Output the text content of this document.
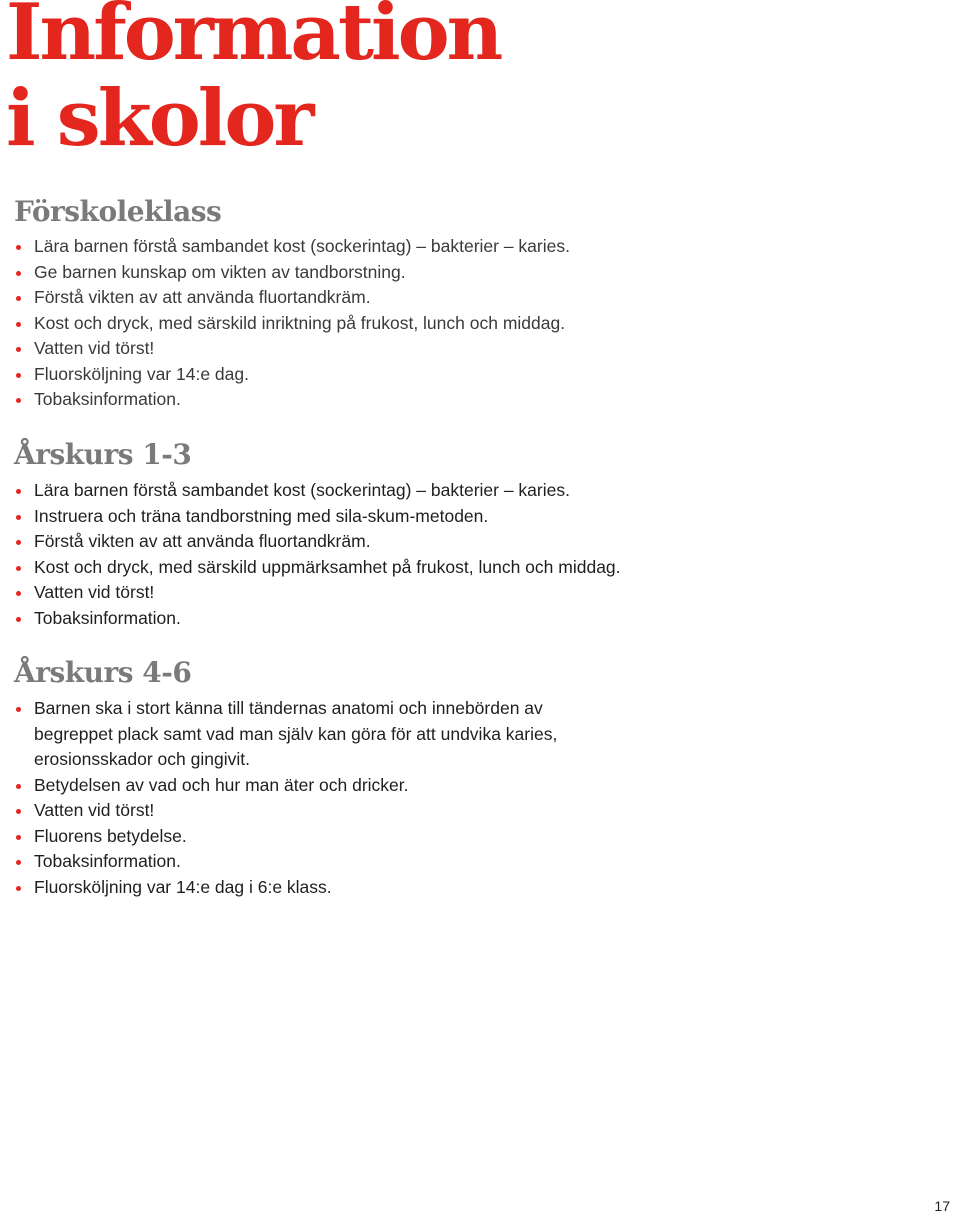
Information
i skolor
Förskoleklass
Lära barnen förstå sambandet kost (sockerintag) – bakterier – karies.
Ge barnen kunskap om vikten av tandborstning.
Förstå vikten av att använda fluortandkräm.
Kost och dryck, med särskild inriktning på frukost, lunch och middag.
Vatten vid törst!
Fluorsköljning var 14:e dag.
Tobaksinformation.
Årskurs 1-3
Lära barnen förstå sambandet kost (sockerintag) – bakterier – karies.
Instruera och träna tandborstning med sila-skum-metoden.
Förstå vikten av att använda fluortandkräm.
Kost och dryck, med särskild uppmärksamhet på frukost, lunch och middag.
Vatten vid törst!
Tobaksinformation.
Årskurs 4-6
Barnen ska i stort känna till tändernas anatomi och innebörden av begreppet plack samt vad man själv kan göra för att undvika karies, erosionsskador och gingivit.
Betydelsen av vad och hur man äter och dricker.
Vatten vid törst!
Fluorens betydelse.
Tobaksinformation.
Fluorsköljning var 14:e dag i 6:e klass.
17
